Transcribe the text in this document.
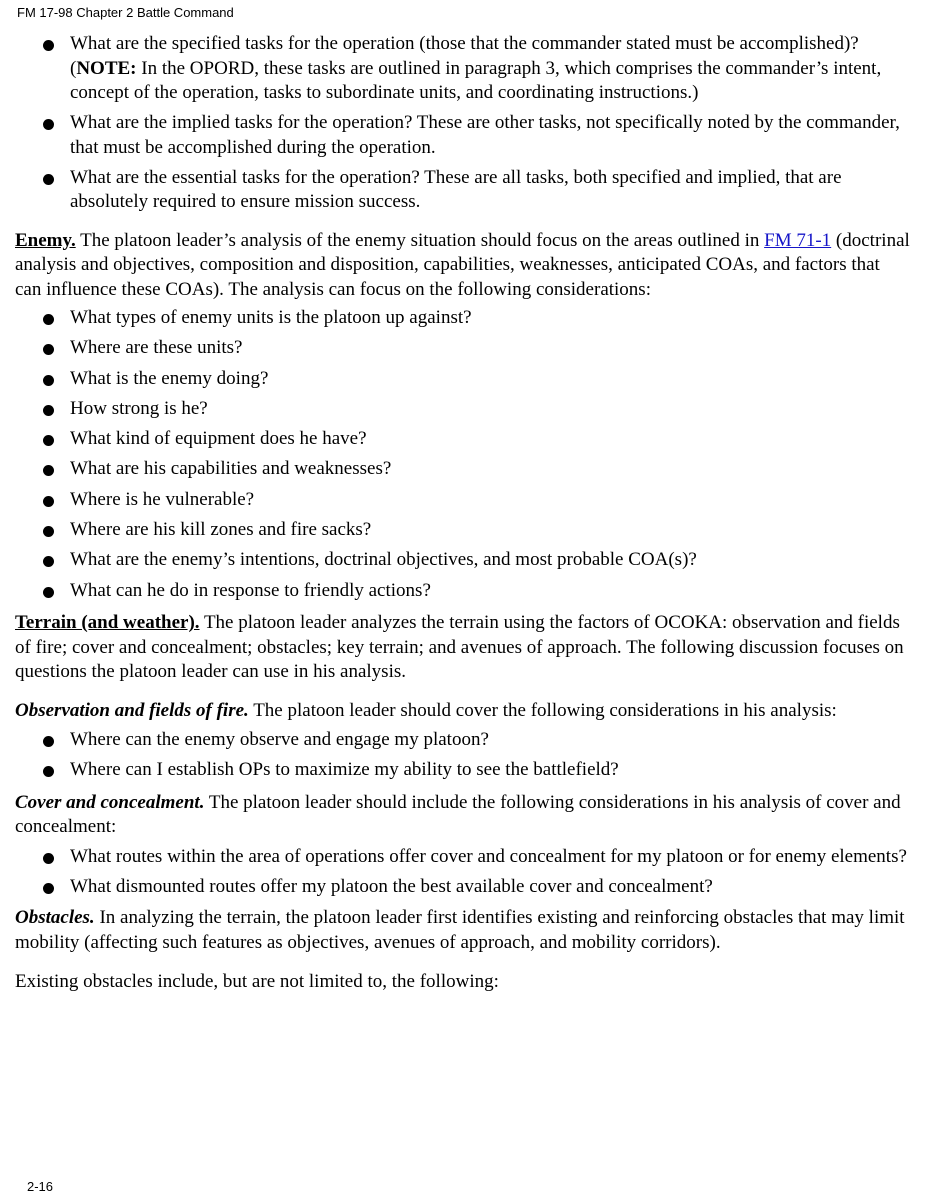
FM 17-98 Chapter 2 Battle Command
What are the specified tasks for the operation (those that the commander stated must be accomplished)? (NOTE: In the OPORD, these tasks are outlined in paragraph 3, which comprises the commander’s intent, concept of the operation, tasks to subordinate units, and coordinating instructions.)
What are the implied tasks for the operation? These are other tasks, not specifically noted by the commander, that must be accomplished during the operation.
What are the essential tasks for the operation? These are all tasks, both specified and implied, that are absolutely required to ensure mission success.

Enemy. The platoon leader’s analysis of the enemy situation should focus on the areas outlined in FM 71-1 (doctrinal analysis and objectives, composition and disposition, capabilities, weaknesses, anticipated COAs, and factors that can influence these COAs). The analysis can focus on the following considerations:

What types of enemy units is the platoon up against?
Where are these units?
What is the enemy doing?
How strong is he?
What kind of equipment does he have?
What are his capabilities and weaknesses?
Where is he vulnerable?
Where are his kill zones and fire sacks?
What are the enemy’s intentions, doctrinal objectives, and most probable COA(s)?
What can he do in response to friendly actions?

Terrain (and weather). The platoon leader analyzes the terrain using the factors of OCOKA: observation and fields of fire; cover and concealment; obstacles; key terrain; and avenues of approach. The following discussion focuses on questions the platoon leader can use in his analysis.

Observation and fields of fire. The platoon leader should cover the following considerations in his analysis:

Where can the enemy observe and engage my platoon?
Where can I establish OPs to maximize my ability to see the battlefield?

Cover and concealment. The platoon leader should include the following considerations in his analysis of cover and concealment:

What routes within the area of operations offer cover and concealment for my platoon or for enemy elements?
What dismounted routes offer my platoon the best available cover and concealment?

Obstacles. In analyzing the terrain, the platoon leader first identifies existing and reinforcing obstacles that may limit mobility (affecting such features as objectives, avenues of approach, and mobility corridors).

Existing obstacles include, but are not limited to, the following:

2-16
